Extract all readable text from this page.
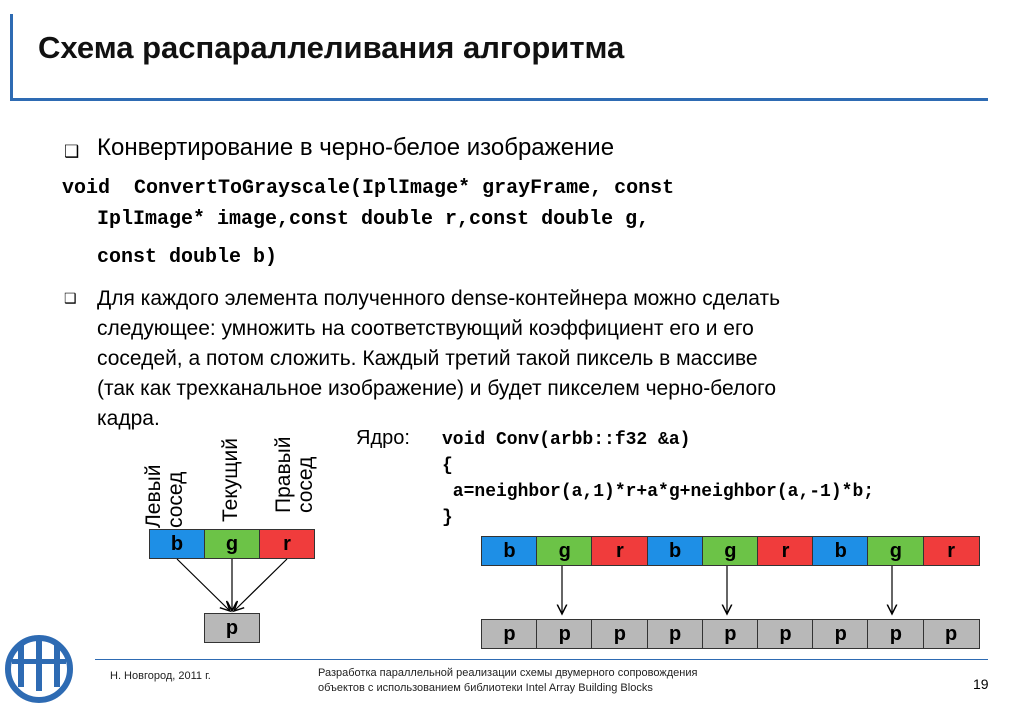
Схема распараллеливания алгоритма
❑ Конвертирование в черно-белое изображение
void  ConvertToGrayscale(IplImage* grayFrame, const
IplImage* image,const double r,const double g,
const double b)
❑ Для каждого элемента полученного dense-контейнера можно сделать
следующее: умножить на соответствующий коэффициент его и его
соседей, а потом сложить. Каждый третий такой пиксель в массиве
(так как трехканальное изображение) и будет пикселем черно-белого
кадра.
Левый сосед Текущий Правый сосед
Ядро: void Conv(arbb::f32 &a)
{
a=neighbor(a,1)*r+a*g+neighbor(a,-1)*b;
}
b	g	r
p
Н. Новгород, 2011 г.	Разработка параллельной реализации схемы двумерного сопровождения
объектов с использованием библиотеки Intel Array Building Blocks	19
b	g	r	b	g	r	b	g	r
p	p	p	p	p	p	p	p	p
